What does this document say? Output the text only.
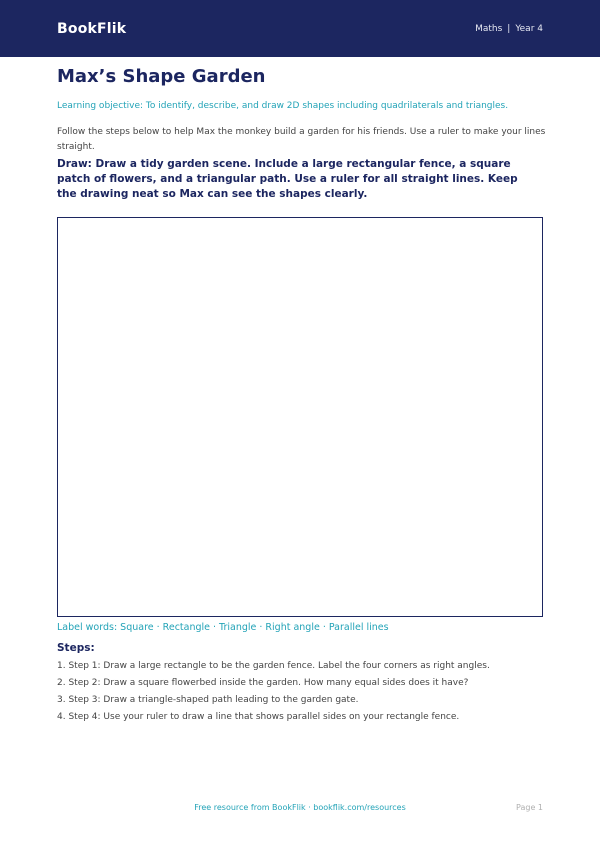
BookFlik	Maths | Year 4
Max’s Shape Garden

Learning objective: To identify, describe, and draw 2D shapes including quadrilaterals and triangles.

Follow the steps below to help Max the monkey build a garden for his friends. Use a ruler to make your lines straight.

Draw: Draw a tidy garden scene. Include a large rectangular fence, a square patch of flowers, and a triangular path. Use a ruler for all straight lines. Keep the drawing neat so Max can see the shapes clearly.

Label words: Square · Rectangle · Triangle · Right angle · Parallel lines

Steps:

1. Step 1: Draw a large rectangle to be the garden fence. Label the four corners as right angles.
2. Step 2: Draw a square flowerbed inside the garden. How many equal sides does it have?
3. Step 3: Draw a triangle-shaped path leading to the garden gate.
4. Step 4: Use your ruler to draw a line that shows parallel sides on your rectangle fence.

Free resource from BookFlik · bookflik.com/resources	Page 1
